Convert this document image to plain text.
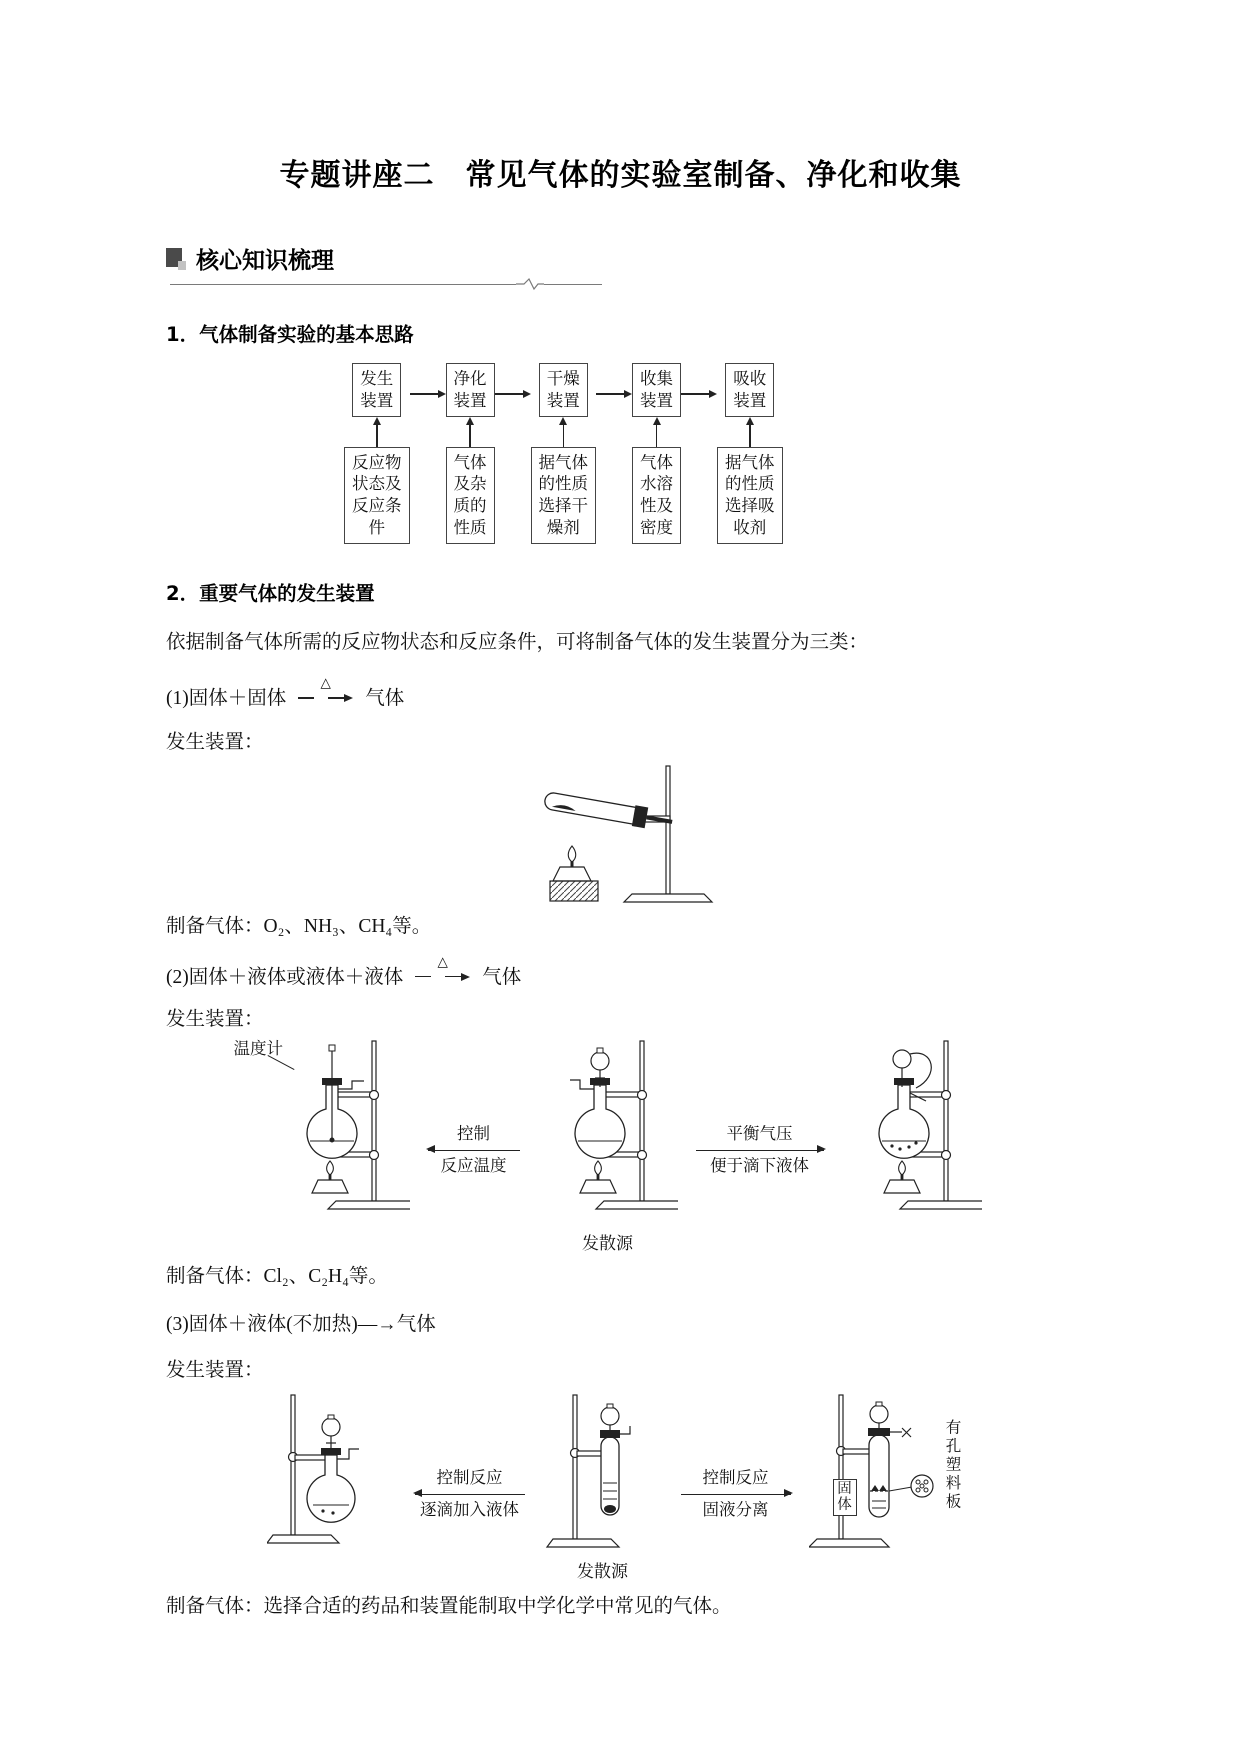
专题讲座二　常见气体的实验室制备、净化和收集
核心知识梳理
1．气体制备实验的基本思路
发生
装置
反应物
状态及
反应条
件
净化
装置
气体
及杂
质的
性质
干燥
装置
据气体
的性质
选择干
燥剂
收集
装置
气体
水溶
性及
密度
吸收
装置
据气体
的性质
选择吸
收剂
2．重要气体的发生装置

依据制备气体所需的反应物状态和反应条件，可将制备气体的发生装置分为三类：

(1)固体＋固体
△
气体

发生装置：

制备气体：O₂、NH₃、CH₄等。

(2)固体＋液体或液体＋液体
△
气体

发生装置：

温度计
控制
反应温度
发散源
平衡气压
便于滴下液体

制备气体：Cl₂、C₂H₄等。

(3)固体＋液体(不加热)—→气体

发生装置：

控制反应
逐滴加入液体
发散源
控制反应
固液分离
固体	有孔塑料板

制备气体：选择合适的药品和装置能制取中学化学中常见的气体。
